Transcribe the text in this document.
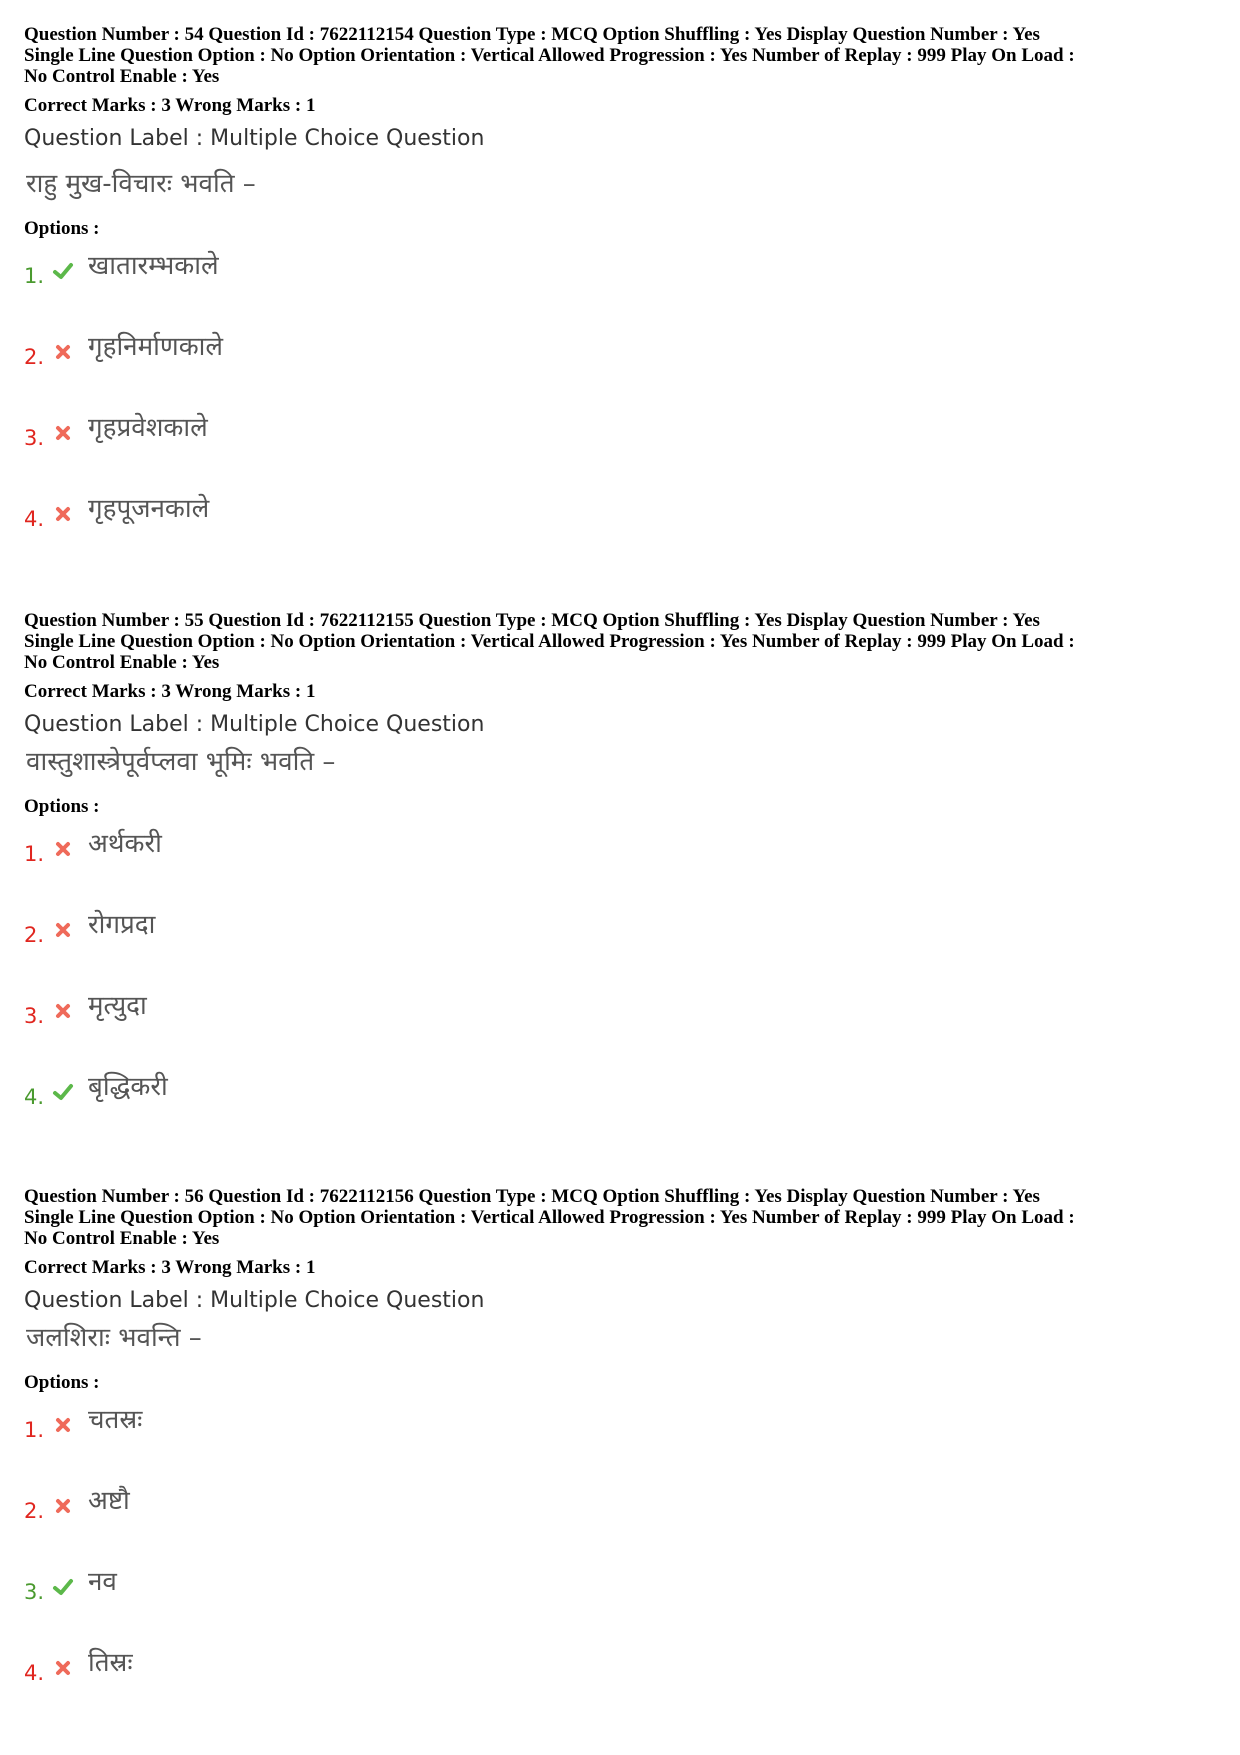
Question Number : 54 Question Id : 7622112154 Question Type : MCQ Option Shuffling : Yes Display Question Number : Yes
Single Line Question Option : No Option Orientation : Vertical Allowed Progression : Yes Number of Replay : 999 Play On Load :
No Control Enable : Yes
Correct Marks : 3 Wrong Marks : 1
Question Label : Multiple Choice Question
राहु मुख-विचारः भवति –
Options :
1. खातारम्भकाले
2. गृहनिर्माणकाले
3. गृहप्रवेशकाले
4. गृहपूजनकाले
Question Number : 55 Question Id : 7622112155 Question Type : MCQ Option Shuffling : Yes Display Question Number : Yes
Single Line Question Option : No Option Orientation : Vertical Allowed Progression : Yes Number of Replay : 999 Play On Load :
No Control Enable : Yes
Correct Marks : 3 Wrong Marks : 1
Question Label : Multiple Choice Question
वास्तुशास्त्रेपूर्वप्लवा भूमिः भवति –
Options :
1. अर्थकरी
2. रोगप्रदा
3. मृत्युदा
4. बृद्धिकरी
Question Number : 56 Question Id : 7622112156 Question Type : MCQ Option Shuffling : Yes Display Question Number : Yes
Single Line Question Option : No Option Orientation : Vertical Allowed Progression : Yes Number of Replay : 999 Play On Load :
No Control Enable : Yes
Correct Marks : 3 Wrong Marks : 1
Question Label : Multiple Choice Question
जलशिराः भवन्ति –
Options :
1. चतस्रः
2. अष्टौ
3. नव
4. तिस्रः
